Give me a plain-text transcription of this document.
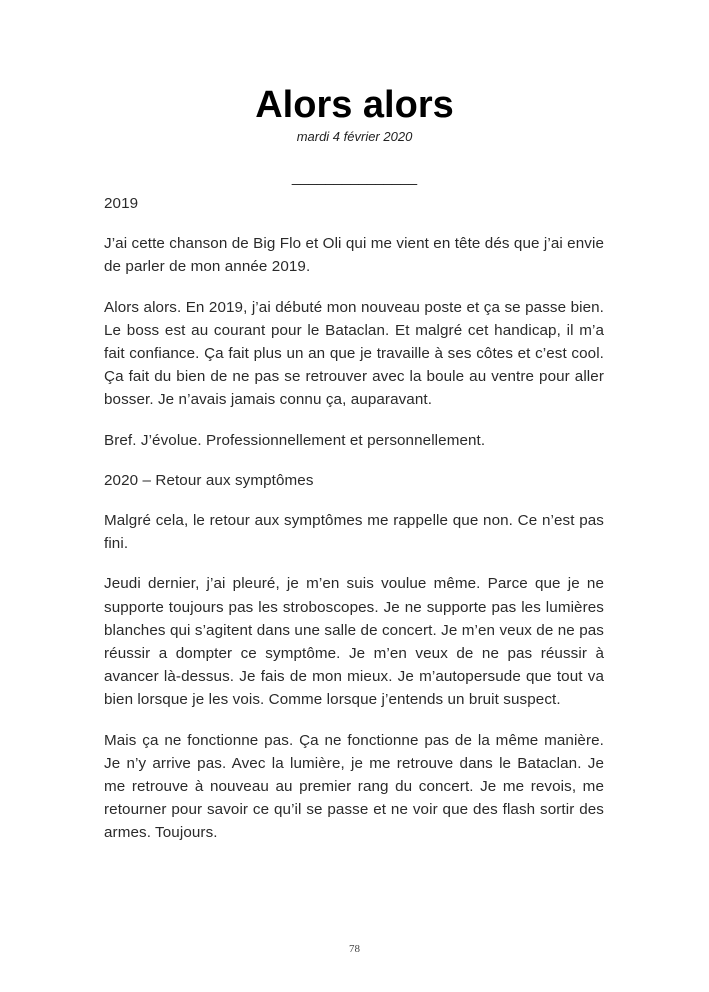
Alors alors
mardi 4 février 2020
_______________

2019

J’ai cette chanson de Big Flo et Oli qui me vient en tête dés que j’ai envie de parler de mon année 2019.

Alors alors. En 2019, j’ai débuté mon nouveau poste et ça se passe bien. Le boss est au courant pour le Bataclan. Et malgré cet handicap, il m’a fait confiance. Ça fait plus un an que je travaille à ses côtes et c’est cool. Ça fait du bien de ne pas se retrouver avec la boule au ventre pour aller bosser. Je n’avais jamais connu ça, auparavant.

Bref. J’évolue. Professionnellement et personnellement.

2020 – Retour aux symptômes

Malgré cela, le retour aux symptômes me rappelle que non. Ce n’est pas fini.

Jeudi dernier, j’ai pleuré, je m’en suis voulue même. Parce que je ne supporte toujours pas les stroboscopes. Je ne supporte pas les lumières blanches qui s’agitent dans une salle de concert. Je m’en veux de ne pas réussir a dompter ce symptôme. Je m’en veux de ne pas réussir à avancer là-dessus. Je fais de mon mieux. Je m’autopersude que tout va bien lorsque je les vois. Comme lorsque j’entends un bruit suspect.

Mais ça ne fonctionne pas. Ça ne fonctionne pas de la même manière. Je n’y arrive pas. Avec la lumière, je me retrouve dans le Bataclan. Je me retrouve à nouveau au premier rang du concert. Je me revois, me retourner pour savoir ce qu’il se passe et ne voir que des flash sortir des armes. Toujours.

78
